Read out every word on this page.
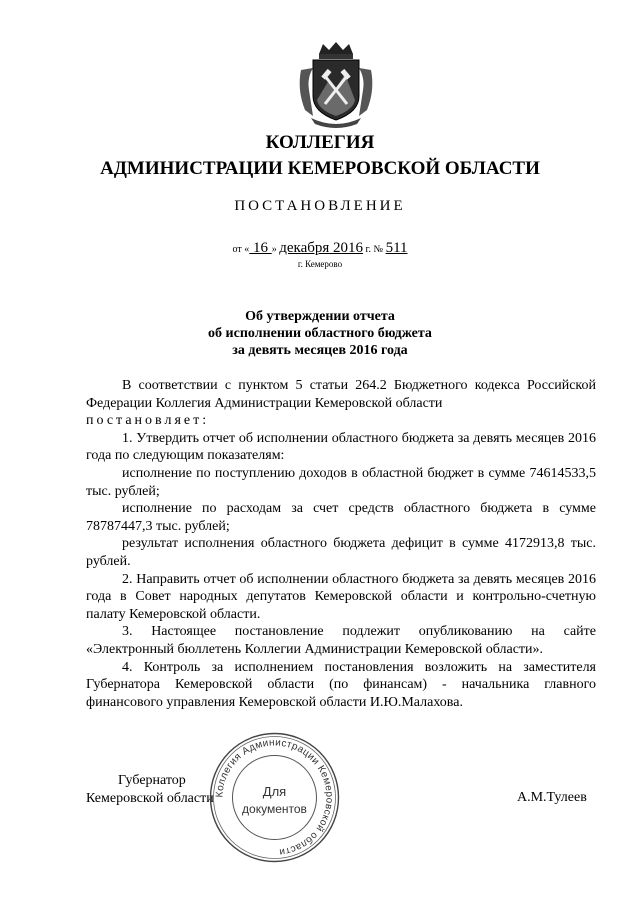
КОЛЛЕГИЯ
АДМИНИСТРАЦИИ КЕМЕРОВСКОЙ ОБЛАСТИ
ПОСТАНОВЛЕНИЕ
от « 16 » декабря 2016 г. № 511
г. Кемерово
Об утверждении отчета
об исполнении областного бюджета
за девять месяцев 2016 года

В соответствии с пунктом 5 статьи 264.2 Бюджетного кодекса Российской Федерации Коллегия Администрации Кемеровской области

постановляет:

1. Утвердить отчет об исполнении областного бюджета за девять месяцев 2016 года по следующим показателям:

исполнение по поступлению доходов в областной бюджет в сумме 74614533,5 тыс. рублей;

исполнение по расходам за счет средств областного бюджета в сумме 78787447,3 тыс. рублей;

результат исполнения областного бюджета дефицит в сумме 4172913,8 тыс. рублей.

2. Направить отчет об исполнении областного бюджета за девять месяцев 2016 года в Совет народных депутатов Кемеровской области и контрольно-счетную палату Кемеровской области.

3. Настоящее постановление подлежит опубликованию на сайте «Электронный бюллетень Коллегии Администрации Кемеровской области».

4. Контроль за исполнением постановления возложить на заместителя Губернатора Кемеровской области (по финансам) - начальника главного финансового управления Кемеровской области И.Ю.Малахова.

Губернатор
Кемеровской области	А.М.Тулеев
Коллегия Администрации Кемеровской области
Для
документов
